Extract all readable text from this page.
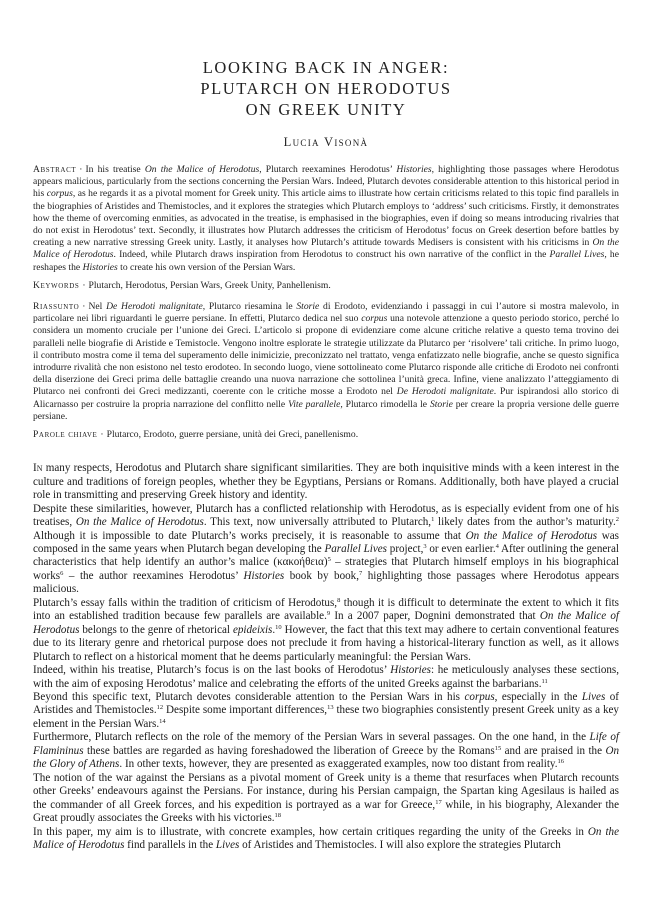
LOOKING BACK IN ANGER:
PLUTARCH ON HERODOTUS
ON GREEK UNITY
Lucia Visonà
Abstract · In his treatise On the Malice of Herodotus, Plutarch reexamines Herodotus’ Histories, highlighting those passages where Herodotus appears malicious, particularly from the sections concerning the Persian Wars. Indeed, Plutarch devotes considerable attention to this historical period in his corpus, as he regards it as a pivotal moment for Greek unity. This article aims to illustrate how certain criticisms related to this topic find parallels in the biographies of Aristides and Themistocles, and it explores the strategies which Plutarch employs to ‘address’ such criticisms. Firstly, it demonstrates how the theme of overcoming enmities, as advocated in the treatise, is emphasised in the biographies, even if doing so means introducing rivalries that do not exist in Herodotus’ text. Secondly, it illustrates how Plutarch addresses the criticism of Herodotus’ focus on Greek desertion before battles by creating a new narrative stressing Greek unity. Lastly, it analyses how Plutarch’s attitude towards Medisers is consistent with his criticisms in On the Malice of Herodotus. Indeed, while Plutarch draws inspiration from Herodotus to construct his own narrative of the conflict in the Parallel Lives, he reshapes the Histories to create his own version of the Persian Wars.
Keywords · Plutarch, Herodotus, Persian Wars, Greek Unity, Panhellenism.
Riassunto · Nel De Herodoti malignitate, Plutarco riesamina le Storie di Erodoto, evidenziando i passaggi in cui l’autore si mostra malevolo, in particolare nei libri riguardanti le guerre persiane. In effetti, Plutarco dedica nel suo corpus una notevole attenzione a questo periodo storico, perché lo considera un momento cruciale per l’unione dei Greci. L’articolo si propone di evidenziare come alcune critiche relative a questo tema trovino dei paralleli nelle biografie di Aristide e Temistocle. Vengono inoltre esplorate le strategie utilizzate da Plutarco per ‘risolvere’ tali critiche. In primo luogo, il contributo mostra come il tema del superamento delle inimicizie, preconizzato nel trattato, venga enfatizzato nelle biografie, anche se questo significa introdurre rivalità che non esistono nel testo erodoteo. In secondo luogo, viene sottolineato come Plutarco risponde alle critiche di Erodoto nei confronti della diserzione dei Greci prima delle battaglie creando una nuova narrazione che sottolinea l’unità greca. Infine, viene analizzato l’atteggiamento di Plutarco nei confronti dei Greci medizzanti, coerente con le critiche mosse a Erodoto nel De Herodoti malignitate. Pur ispirandosi allo storico di Alicarnasso per costruire la propria narrazione del conflitto nelle Vite parallele, Plutarco rimodella le Storie per creare la propria versione delle guerre persiane.
Parole chiave · Plutarco, Erodoto, guerre persiane, unità dei Greci, panellenismo.

In many respects, Herodotus and Plutarch share significant similarities. They are both inquisitive minds with a keen interest in the culture and traditions of foreign peoples, whether they be Egyptians, Persians or Romans. Additionally, both have played a crucial role in transmitting and preserving Greek history and identity.

Despite these similarities, however, Plutarch has a conflicted relationship with Herodotus, as is especially evident from one of his treatises, On the Malice of Herodotus. This text, now universally attributed to Plutarch,$^1$ likely dates from the author’s maturity.$^2$ Although it is impossible to date Plutarch’s works precisely, it is reasonable to assume that On the Malice of Herodotus was composed in the same years when Plutarch began developing the Parallel Lives project,$^3$ or even earlier.$^4$ After outlining the general characteristics that help identify an author’s malice $(\kappa\alpha\kappa oή\theta\varepsilon\iota\alpha)^5$ – strategies that Plutarch himself employs in his biographical works$^6$ – the author reexamines Herodotus’ Histories book by book,$^7$ highlighting those passages where Herodotus appears malicious.

Plutarch’s essay falls within the tradition of criticism of Herodotus,$^8$ though it is difficult to determinate the extent to which it fits into an established tradition because few parallels are available.$^9$ In a 2007 paper, Dognini demonstrated that On the Malice of Herodotus belongs to the genre of rhetorical epideixis.$^{10}$ However, the fact that this text may adhere to certain conventional features due to its literary genre and rhetorical purpose does not preclude it from having a historical-literary function as well, as it allows Plutarch to reflect on a historical moment that he deems particularly meaningful: the Persian Wars.

Indeed, within his treatise, Plutarch’s focus is on the last books of Herodotus’ Histories: he meticulously analyses these sections, with the aim of exposing Herodotus’ malice and celebrating the efforts of the united Greeks against the barbarians.$^{11}$

Beyond this specific text, Plutarch devotes considerable attention to the Persian Wars in his corpus, especially in the Lives of Aristides and Themistocles.$^{12}$ Despite some important differences,$^{13}$ these two biographies consistently present Greek unity as a key element in the Persian Wars.$^{14}$

Furthermore, Plutarch reflects on the role of the memory of the Persian Wars in several passages. On the one hand, in the Life of Flamininus these battles are regarded as having foreshadowed the liberation of Greece by the Romans$^{15}$ and are praised in the On the Glory of Athens. In other texts, however, they are presented as exaggerated examples, now too distant from reality.$^{16}$

The notion of the war against the Persians as a pivotal moment of Greek unity is a theme that resurfaces when Plutarch recounts other Greeks’ endeavours against the Persians. For instance, during his Persian campaign, the Spartan king Agesilaus is hailed as the commander of all Greek forces, and his expedition is portrayed as a war for Greece,$^{17}$ while, in his biography, Alexander the Great proudly associates the Greeks with his victories.$^{18}$

In this paper, my aim is to illustrate, with concrete examples, how certain critiques regarding the unity of the Greeks in On the Malice of Herodotus find parallels in the Lives of Aristides and Themistocles. I will also explore the strategies Plutarch
